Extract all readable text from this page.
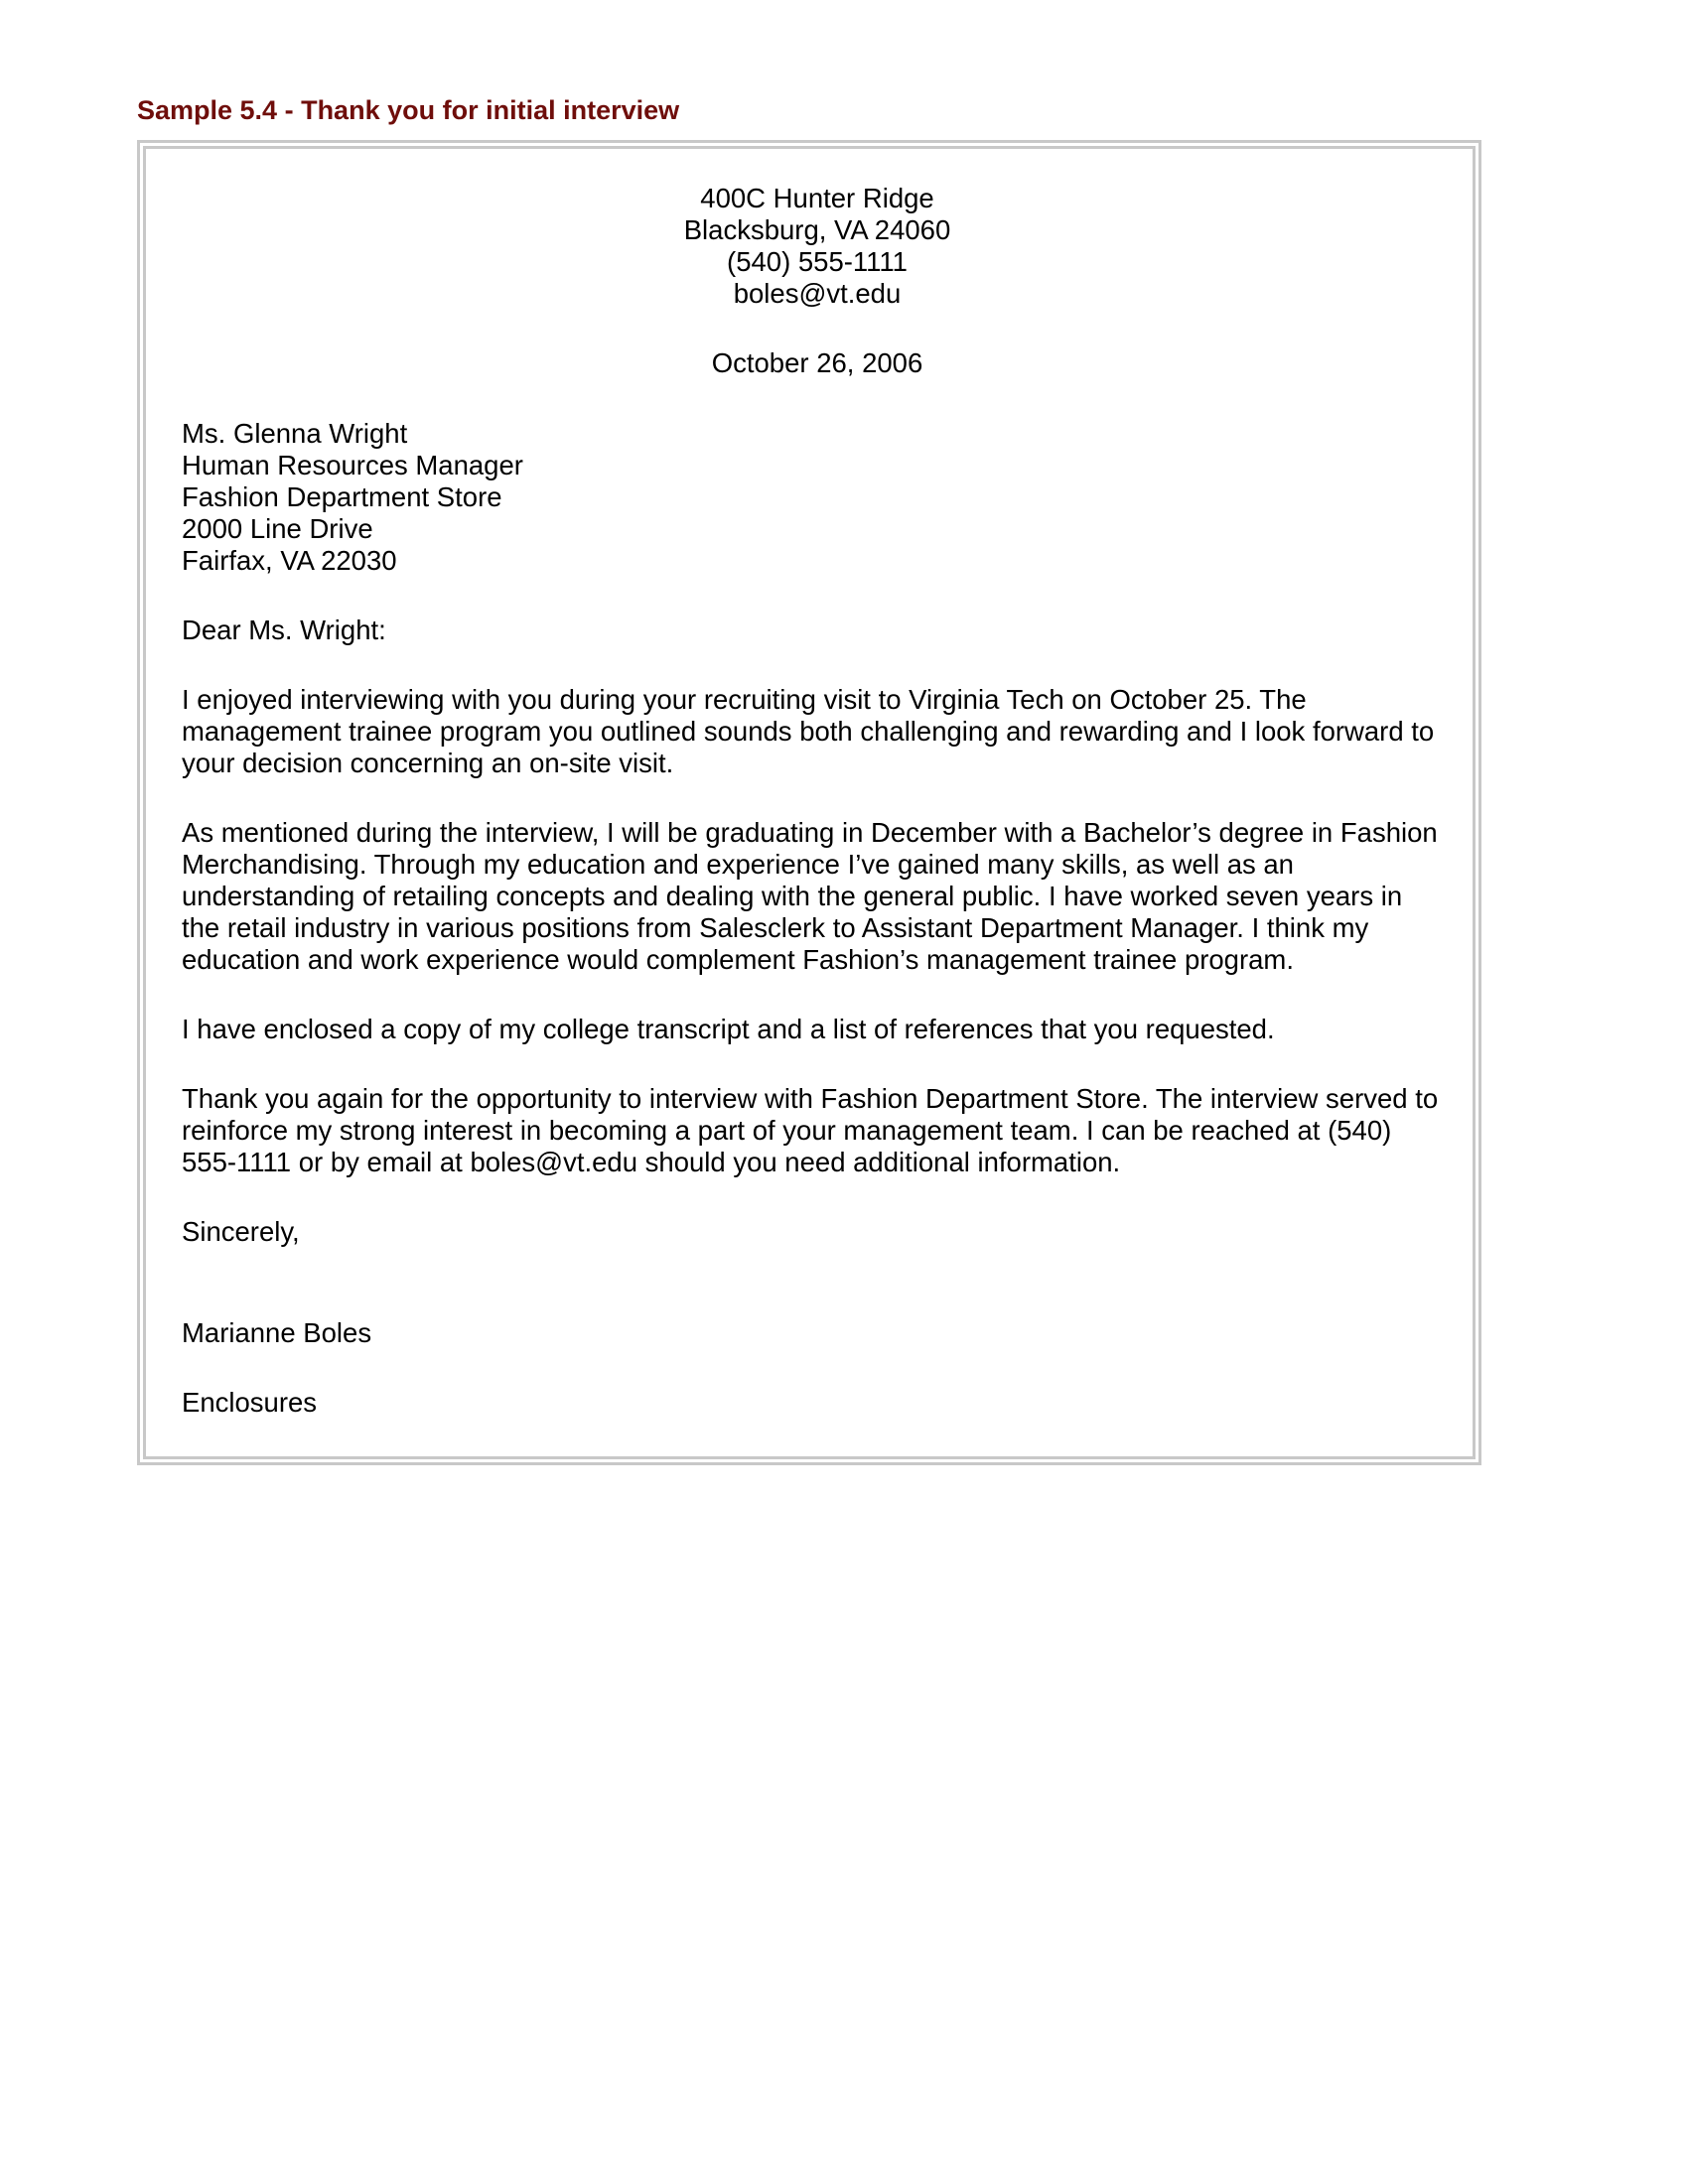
Sample 5.4 - Thank you for initial interview
400C Hunter Ridge
Blacksburg, VA 24060
(540) 555-1111
boles@vt.edu
October 26, 2006
Ms. Glenna Wright
Human Resources Manager
Fashion Department Store
2000 Line Drive
Fairfax, VA 22030
Dear Ms. Wright:
I enjoyed interviewing with you during your recruiting visit to Virginia Tech on October 25. The
management trainee program you outlined sounds both challenging and rewarding and I look forward to
your decision concerning an on-site visit.
As mentioned during the interview, I will be graduating in December with a Bachelor’s degree in Fashion
Merchandising. Through my education and experience I’ve gained many skills, as well as an
understanding of retailing concepts and dealing with the general public. I have worked seven years in
the retail industry in various positions from Salesclerk to Assistant Department Manager. I think my
education and work experience would complement Fashion’s management trainee program.
I have enclosed a copy of my college transcript and a list of references that you requested.
Thank you again for the opportunity to interview with Fashion Department Store. The interview served to
reinforce my strong interest in becoming a part of your management team. I can be reached at (540)
555-1111 or by email at boles@vt.edu should you need additional information.
Sincerely,
Marianne Boles
Enclosures
